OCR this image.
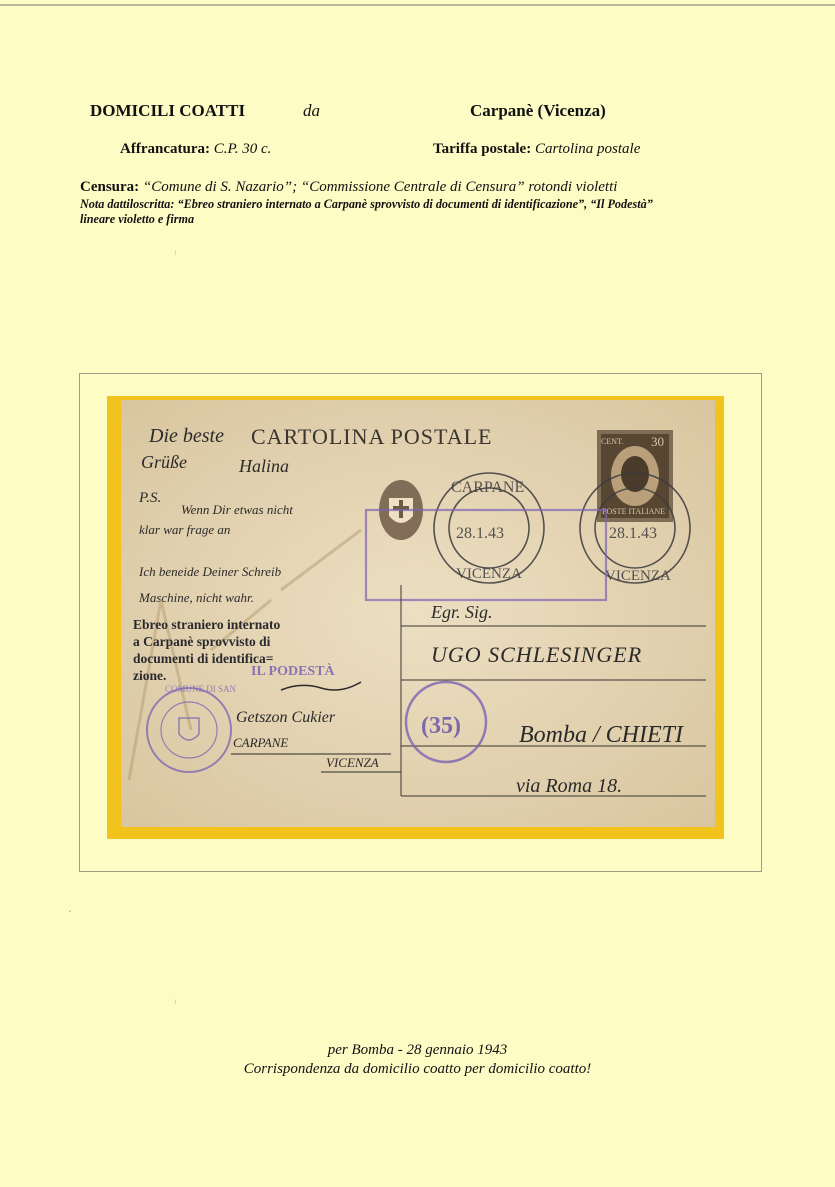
DOMICILI COATTI	da	Carpanè (Vicenza)
Affrancatura: C.P. 30 c.	Tariffa postale: Cartolina postale
Censura: “Comune di S. Nazario”; “Commissione Centrale di Censura” rotondi violetti
Nota dattiloscritta: “Ebreo straniero internato a Carpanè sprovvisto di documenti di identificazione”, “Il Podestà”
lineare violetto e firma
|
CARTOLINA POSTALE	CENT. 30
POSTE ITALIANE
CARPANE
VICENZA
28.1.43
VICENZA
28.1.43
Die beste
Grüße	Halina
P.S.
Wenn Dir etwas nicht
klar war frage an
Ich beneide Deiner Schreib
Maschine, nicht wahr.
Ebreo straniero internato
a Carpanè sprovvisto di
documenti di identifica=
zione.	IL PODESTÀ
COMUNE DI SAN
Getszon Cukier
CARPANE
VICENZA
(35)
Egr. Sig.
UGO SCHLESINGER
Bomba / CHIETI
via Roma 18.
|
•
per Bomba - 28 gennaio 1943
Corrispondenza da domicilio coatto per domicilio coatto!
